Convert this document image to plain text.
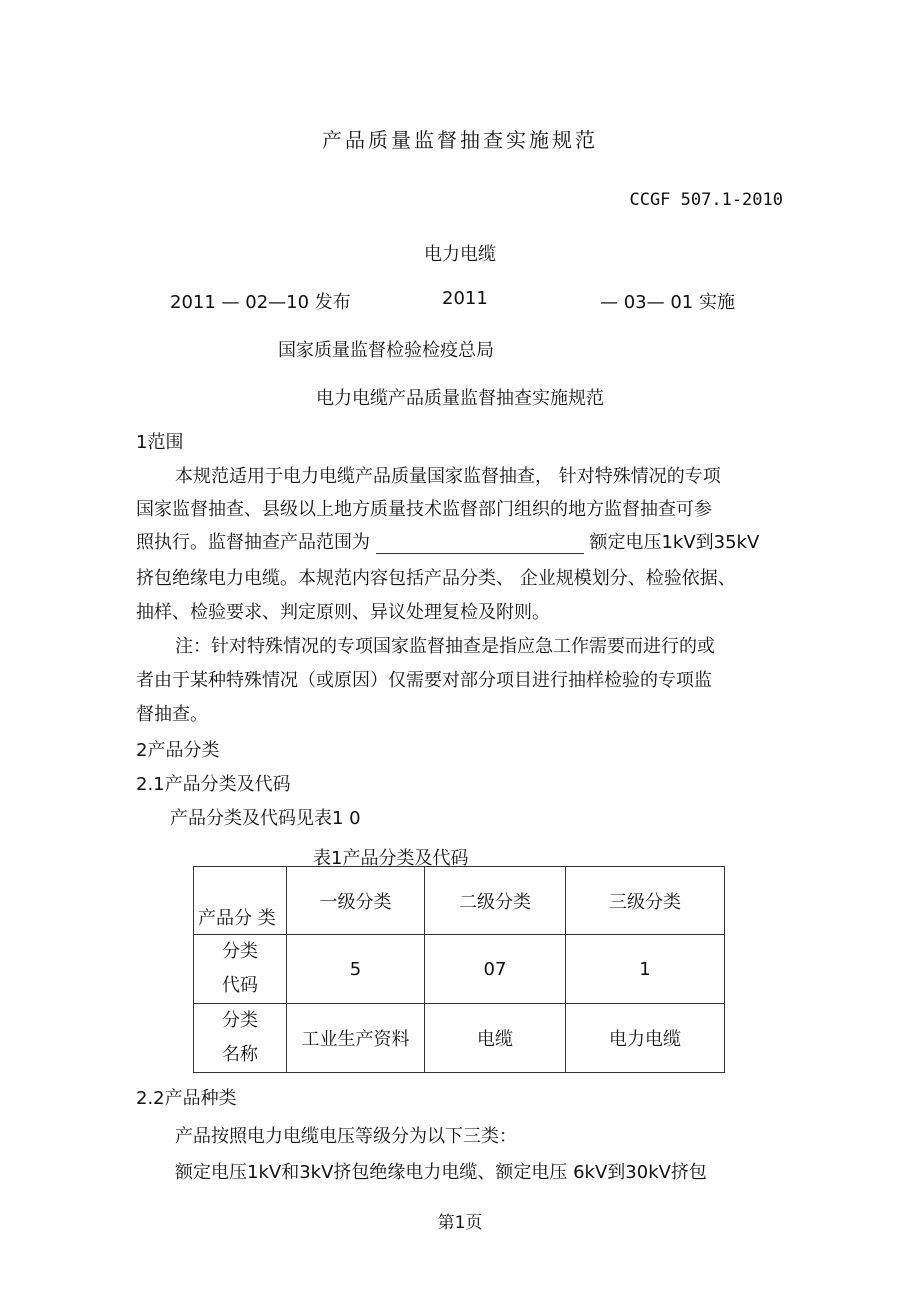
产品质量监督抽查实施规范
CCGF 507.1-2010
电力电缆
2011 — 02—10 发布	2011	— 03— 01 实施
国家质量监督检验检疫总局
电力电缆产品质量监督抽查实施规范
1范围
本规范适用于电力电缆产品质量国家监督抽查， 针对特殊情况的专项
国家监督抽查、县级以上地方质量技术监督部门组织的地方监督抽查可参
照执行。监督抽查产品范围为	额定电压1kV到35kV
挤包绝缘电力电缆。本规范内容包括产品分类、 企业规模划分、检验依据、
抽样、检验要求、判定原则、异议处理复检及附则。
注：针对特殊情况的专项国家监督抽查是指应急工作需要而进行的或
者由于某种特殊情况（或原因）仅需要对部分项目进行抽样检验的专项监
督抽查。
2产品分类
2.1产品分类及代码
产品分类及代码见表1 0
表1产品分类及代码
产品分 类	一级分类	二级分类	三级分类
分类代码	5	07	1
分类名称	工业生产资料	电缆	电力电缆
2.2产品种类
产品按照电力电缆电压等级分为以下三类：
额定电压1kV和3kV挤包绝缘电力电缆、额定电压 6kV到30kV挤包
第1页
